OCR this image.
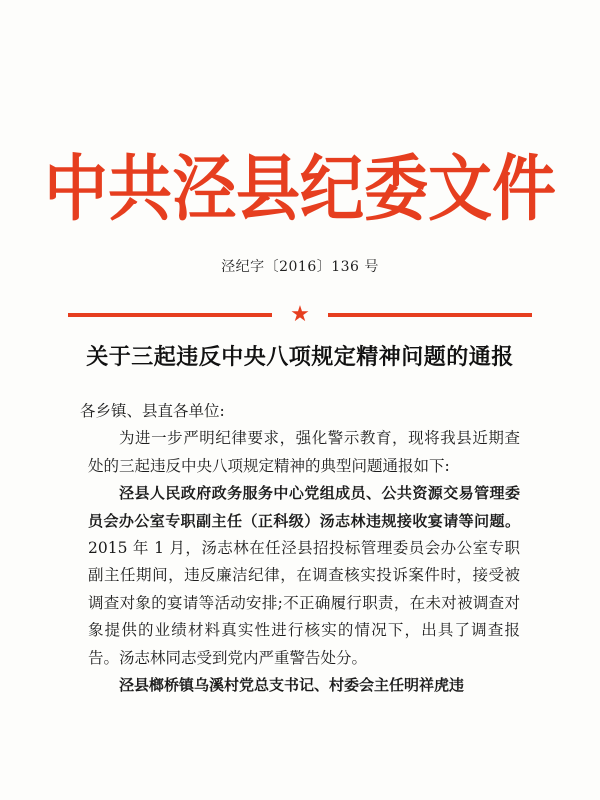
中共泾县纪委文件
泾纪字〔2016〕136 号
★
关于三起违反中央八项规定精神问题的通报

各乡镇、县直各单位:

为进一步严明纪律要求，强化警示教育，现将我县近期查处的三起违反中央八项规定精神的典型问题通报如下:

泾县人民政府政务服务中心党组成员、公共资源交易管理委员会办公室专职副主任（正科级）汤志林违规接收宴请等问题。2015 年 1 月，汤志林在任泾县招投标管理委员会办公室专职副主任期间，违反廉洁纪律，在调查核实投诉案件时，接受被调查对象的宴请等活动安排;不正确履行职责，在未对被调查对象提供的业绩材料真实性进行核实的情况下，出具了调查报告。汤志林同志受到党内严重警告处分。

泾县榔桥镇乌溪村党总支书记、村委会主任明祥虎违
